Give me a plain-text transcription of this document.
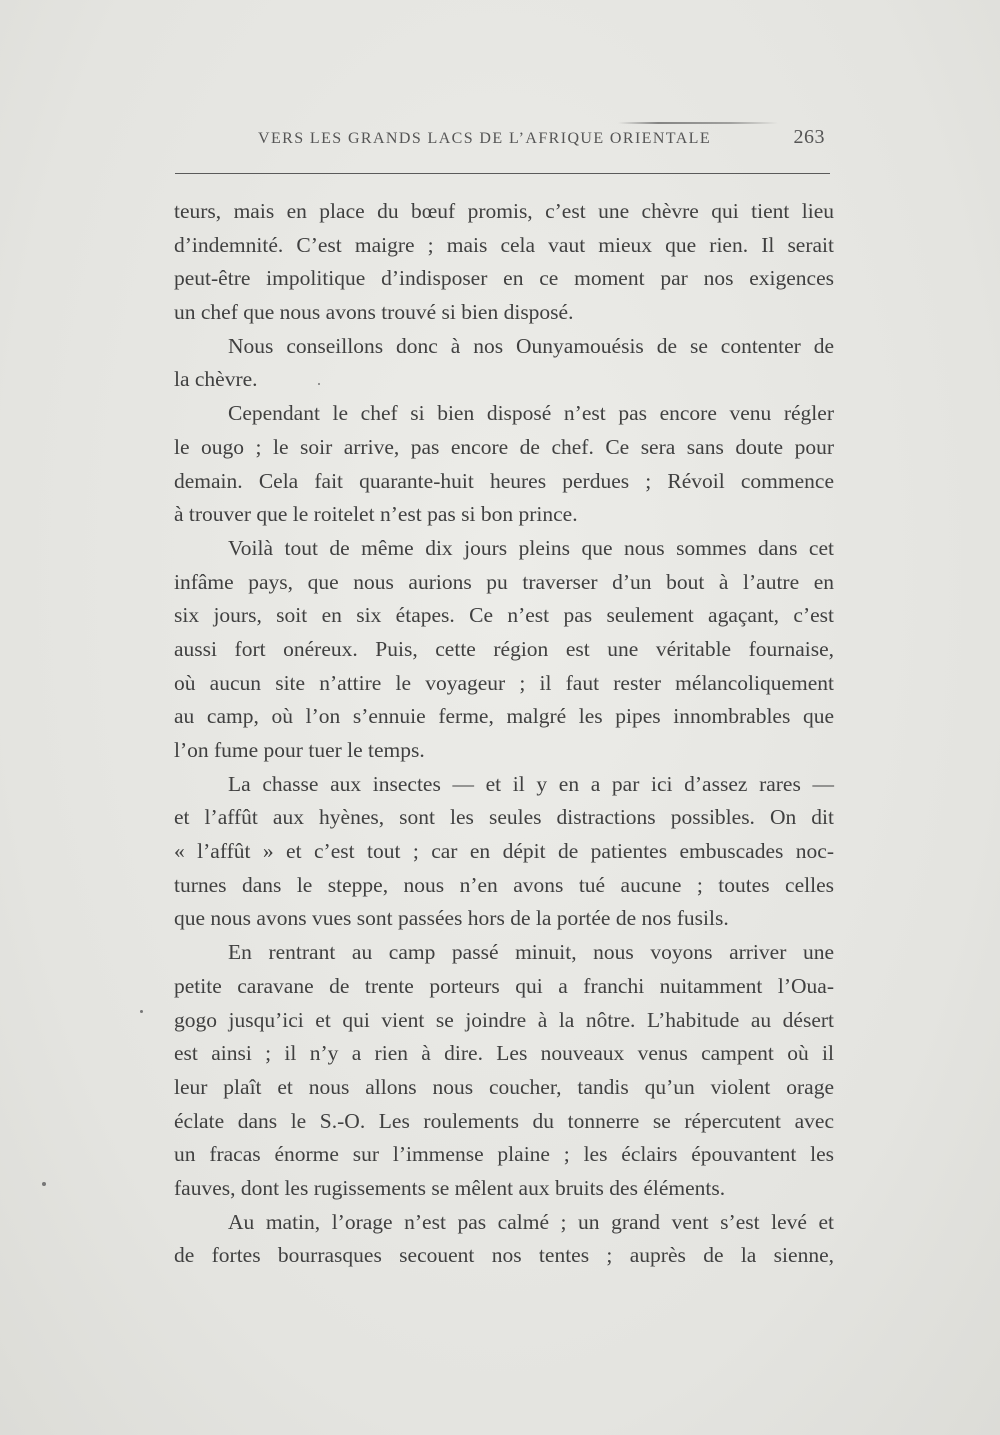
VERS LES GRANDS LACS DE L’AFRIQUE ORIENTALE	263
teurs, mais en place du bœuf promis, c’est une chèvre qui tient lieu
d’indemnité. C’est maigre ; mais cela vaut mieux que rien. Il serait
peut-être impolitique d’indisposer en ce moment par nos exigences
un chef que nous avons trouvé si bien disposé.
Nous conseillons donc à nos Ounyamouésis de se contenter de
la chèvre.
Cependant le chef si bien disposé n’est pas encore venu régler
le ougo ; le soir arrive, pas encore de chef. Ce sera sans doute pour
demain. Cela fait quarante-huit heures perdues ; Révoil commence
à trouver que le roitelet n’est pas si bon prince.
Voilà tout de même dix jours pleins que nous sommes dans cet
infâme pays, que nous aurions pu traverser d’un bout à l’autre en
six jours, soit en six étapes. Ce n’est pas seulement agaçant, c’est
aussi fort onéreux. Puis, cette région est une véritable fournaise,
où aucun site n’attire le voyageur ; il faut rester mélancoliquement
au camp, où l’on s’ennuie ferme, malgré les pipes innombrables que
l’on fume pour tuer le temps.
La chasse aux insectes — et il y en a par ici d’assez rares —
et l’affût aux hyènes, sont les seules distractions possibles. On dit
« l’affût » et c’est tout ; car en dépit de patientes embuscades noc-
turnes dans le steppe, nous n’en avons tué aucune ; toutes celles
que nous avons vues sont passées hors de la portée de nos fusils.
En rentrant au camp passé minuit, nous voyons arriver une
petite caravane de trente porteurs qui a franchi nuitamment l’Oua-
gogo jusqu’ici et qui vient se joindre à la nôtre. L’habitude au désert
est ainsi ; il n’y a rien à dire. Les nouveaux venus campent où il
leur plaît et nous allons nous coucher, tandis qu’un violent orage
éclate dans le S.-O. Les roulements du tonnerre se répercutent avec
un fracas énorme sur l’immense plaine ; les éclairs épouvantent les
fauves, dont les rugissements se mêlent aux bruits des éléments.
Au matin, l’orage n’est pas calmé ; un grand vent s’est levé et
de fortes bourrasques secouent nos tentes ; auprès de la sienne,
